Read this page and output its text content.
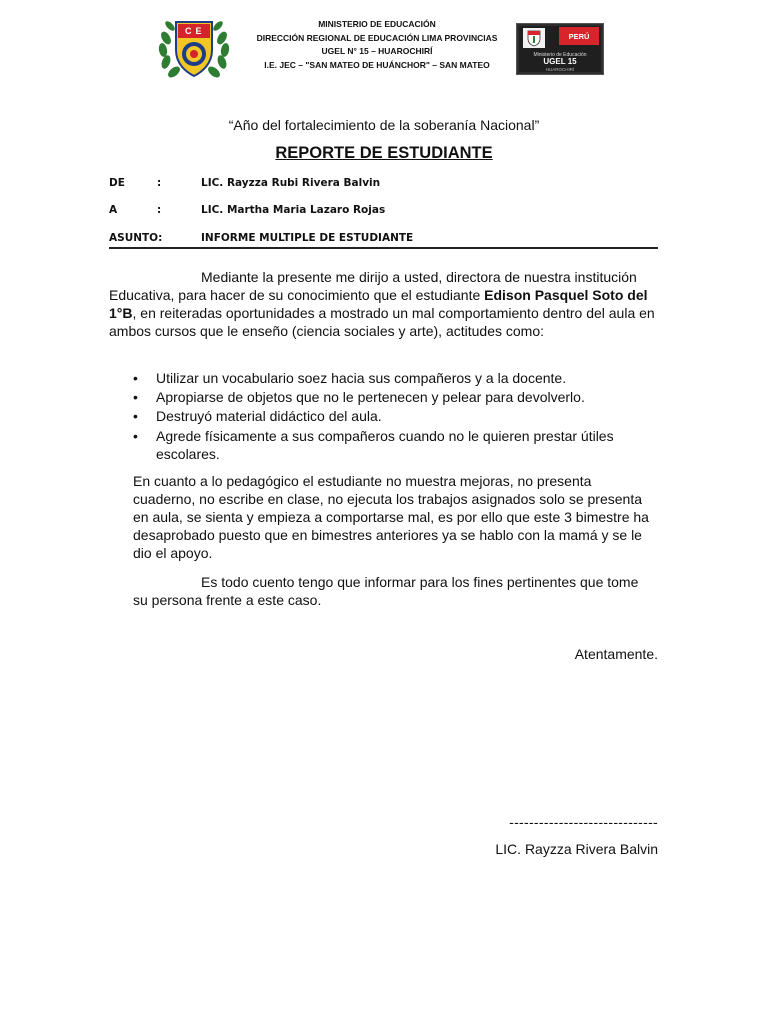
CE
MINISTERIO DE EDUCACIÓN
DIRECCIÓN REGIONAL DE EDUCACIÓN LIMA PROVINCIAS
UGEL N° 15 – HUAROCHIRÍ
I.E. JEC – "SAN MATEO DE HUÁNCHOR" – SAN MATEO
PERÚ
Ministerio de Educación
UGEL 15
HUAROCHIRÍ
“Año del fortalecimiento de la soberanía Nacional”
REPORTE DE ESTUDIANTE
DE	:	LIC. Rayzza Rubi Rivera Balvin
A	:	LIC. Martha Maria Lazaro Rojas
ASUNTO:	INFORME MULTIPLE DE ESTUDIANTE
Mediante la presente me dirijo a usted, directora de nuestra institución Educativa, para hacer de su conocimiento que el estudiante Edison Pasquel Soto del 1°B, en reiteradas oportunidades a mostrado un mal comportamiento dentro del aula en ambos cursos que le enseño (ciencia sociales y arte), actitudes como:
• Utilizar un vocabulario soez hacia sus compañeros y a la docente.
• Apropiarse de objetos que no le pertenecen y pelear para devolverlo.
• Destruyó material didáctico del aula.
• Agrede físicamente a sus compañeros cuando no le quieren prestar útiles escolares.
En cuanto a lo pedagógico el estudiante no muestra mejoras, no presenta cuaderno, no escribe en clase, no ejecuta los trabajos asignados solo se presenta en aula, se sienta y empieza a comportarse mal, es por ello que este 3 bimestre ha desaprobado puesto que en bimestres anteriores ya se hablo con la mamá y se le dio el apoyo.
Es todo cuento tengo que informar para los fines pertinentes que tome su persona frente a este caso.
Atentamente.
------------------------------
LIC. Rayzza Rivera Balvin
